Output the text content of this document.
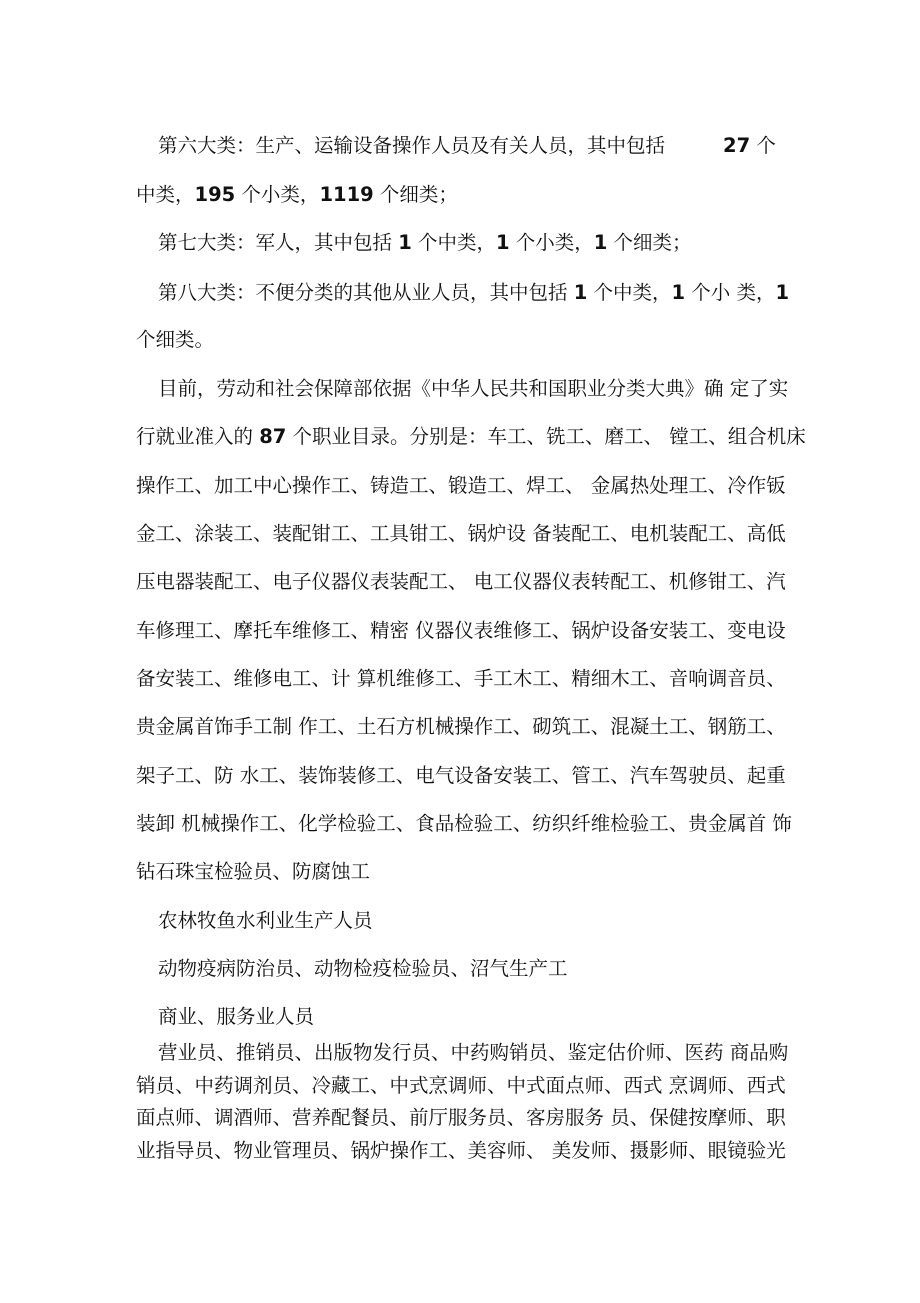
第六大类：生产、运输设备操作人员及有关人员，其中包括	27 个
中类，195 个小类，1119 个细类；
第七大类：军人，其中包括 1 个中类，1 个小类，1 个细类；
第八大类：不便分类的其他从业人员，其中包括 1 个中类，1 个小 类，1
个细类。
目前，劳动和社会保障部依据《中华人民共和国职业分类大典》确 定了实
行就业准入的 87 个职业目录。分别是：车工、铣工、磨工、 镗工、组合机床
操作工、加工中心操作工、铸造工、锻造工、焊工、 金属热处理工、冷作钣
金工、涂装工、装配钳工、工具钳工、锅炉设 备装配工、电机装配工、高低
压电器装配工、电子仪器仪表装配工、 电工仪器仪表转配工、机修钳工、汽
车修理工、摩托车维修工、精密 仪器仪表维修工、锅炉设备安装工、变电设
备安装工、维修电工、计 算机维修工、手工木工、精细木工、音响调音员、
贵金属首饰手工制 作工、土石方机械操作工、砌筑工、混凝土工、钢筋工、
架子工、防 水工、装饰装修工、电气设备安装工、管工、汽车驾驶员、起重
装卸 机械操作工、化学检验工、食品检验工、纺织纤维检验工、贵金属首 饰
钻石珠宝检验员、防腐蚀工
农林牧鱼水利业生产人员
动物疫病防治员、动物检疫检验员、沼气生产工
商业、服务业人员
营业员、推销员、出版物发行员、中药购销员、鉴定估价师、医药 商品购
销员、中药调剂员、冷藏工、中式烹调师、中式面点师、西式 烹调师、西式
面点师、调酒师、营养配餐员、前厅服务员、客房服务 员、保健按摩师、职
业指导员、物业管理员、锅炉操作工、美容师、 美发师、摄影师、眼镜验光
